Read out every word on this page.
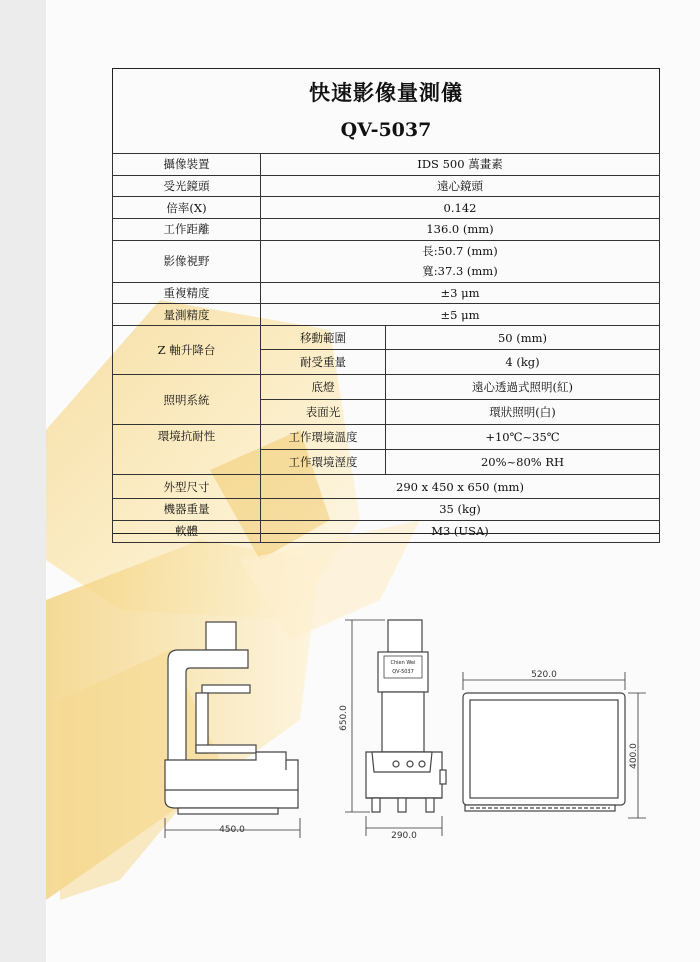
快速影像量測儀
QV-5037
攝像裝置	IDS 500 萬畫素	
受光鏡頭	遠心鏡頭	
倍率(X)	0.142	
工作距離	136.0 (mm)	
影像視野	長:50.7 (mm)
寬:37.3 (mm)	

重複精度	±3 μm	
量測精度	±5 μm	
Z 軸升降台	移動範圍	50 (mm)
	耐受重量	4 (kg)
照明系統	底燈	遠心透過式照明(紅)
	表面光	環狀照明(白)
環境抗耐性	工作環境溫度	+10℃~35℃
	工作環境溼度	20%~80% RH
外型尺寸	290 x 450 x 650 (mm)	
機器重量	35 (kg)	
軟體	M3 (USA)	
450.0
Chien Wei
QV-5037
650.0
290.0
520.0
400.0
